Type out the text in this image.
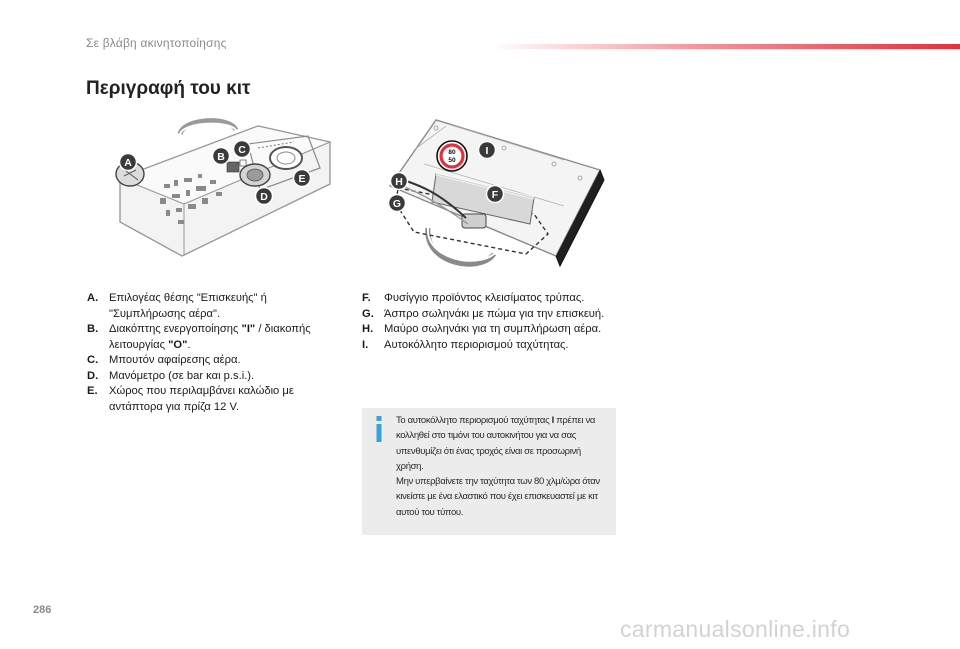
Σε βλάβη ακινητοποίησης
Περιγραφή του κιτ
A	B
C
D
E
80
50
I
H
F
G
A. Επιλογέας θέσης "Επισκευής" ή "Συμπλήρωσης αέρα".
B. Διακόπτης ενεργοποίησης "I" / διακοπής λειτουργίας "O".
C. Μπουτόν αφαίρεσης αέρα.
D. Μανόμετρο (σε bar και p.s.i.).
E.	Χώρος που περιλαμβάνει καλώδιο με αντάπτορα για πρίζα 12 V.
F.	Φυσίγγιο προϊόντος κλεισίματος τρύπας.
G. Άσπρο σωληνάκι με πώμα για την επισκευή.
H. Μαύρο σωληνάκι για τη συμπλήρωση αέρα.
I.	Αυτοκόλλητο περιορισμού ταχύτητας.
Το αυτοκόλλητο περιορισμού ταχύτητας I πρέπει να κολληθεί στο τιμόνι του αυτοκινήτου για να σας υπενθυμίζει ότι ένας τροχός είναι σε προσωρινή χρήση.
Μην υπερβαίνετε την ταχύτητα των 80 χλμ/ώρα όταν κινείστε με ένα ελαστικό που έχει επισκευαστεί με κιτ αυτού του τύπου.
286
carmanualsonline.info
